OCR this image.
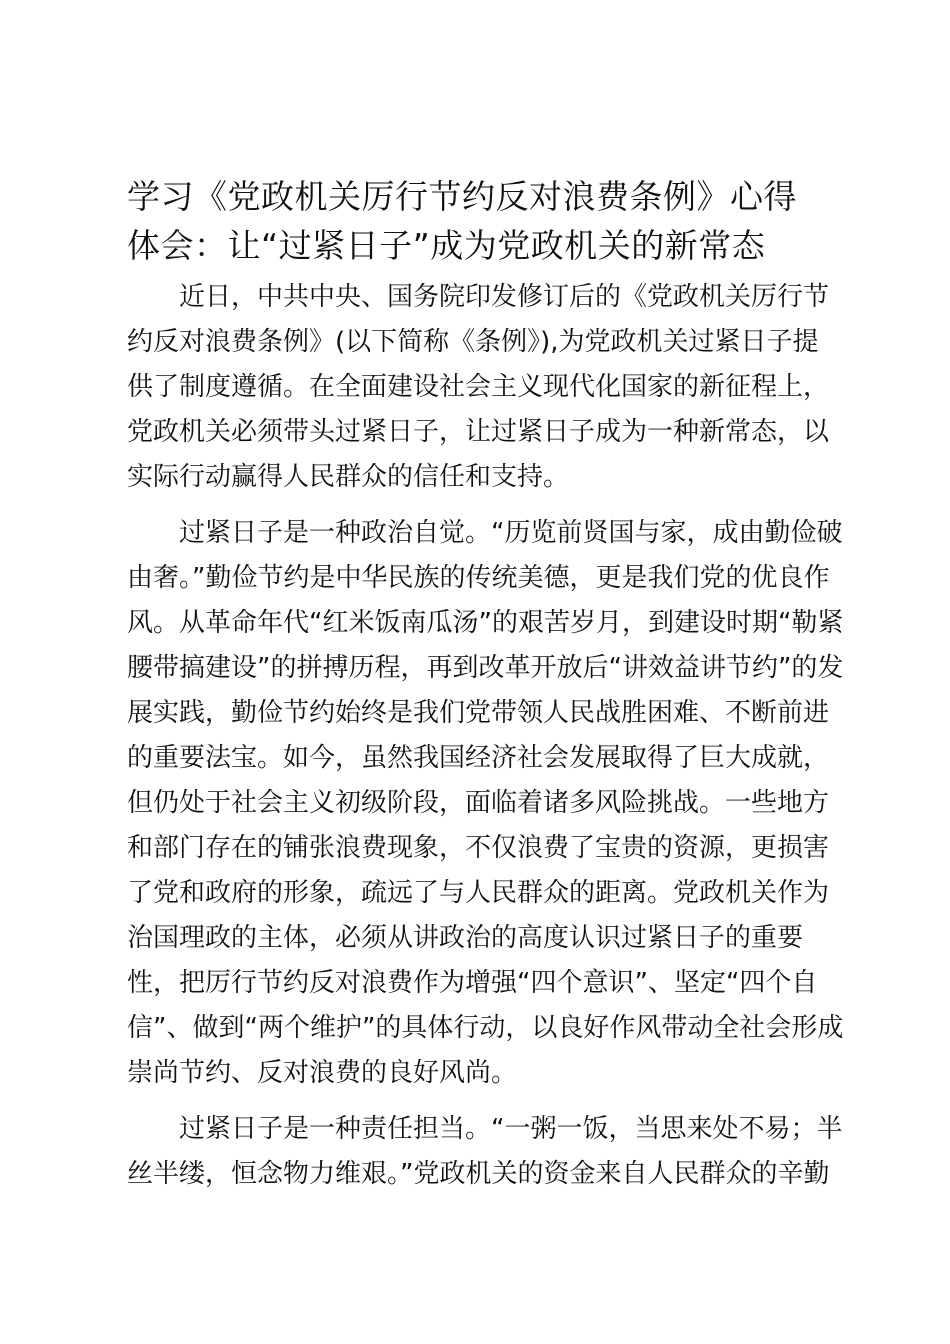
学习《党政机关厉行节约反对浪费条例》心得
体会：让“过紧日子”成为党政机关的新常态
近日，中共中央、国务院印发修订后的《党政机关厉行节
约反对浪费条例》(以下简称《条例》),为党政机关过紧日子提
供了制度遵循。在全面建设社会主义现代化国家的新征程上，
党政机关必须带头过紧日子，让过紧日子成为一种新常态，以
实际行动赢得人民群众的信任和支持。
过紧日子是一种政治自觉。“历览前贤国与家，成由勤俭破
由奢。”勤俭节约是中华民族的传统美德，更是我们党的优良作
风。从革命年代“红米饭南瓜汤”的艰苦岁月，到建设时期“勒紧
腰带搞建设”的拼搏历程，再到改革开放后“讲效益讲节约”的发
展实践，勤俭节约始终是我们党带领人民战胜困难、不断前进
的重要法宝。如今，虽然我国经济社会发展取得了巨大成就，
但仍处于社会主义初级阶段，面临着诸多风险挑战。一些地方
和部门存在的铺张浪费现象，不仅浪费了宝贵的资源，更损害
了党和政府的形象，疏远了与人民群众的距离。党政机关作为
治国理政的主体，必须从讲政治的高度认识过紧日子的重要
性，把厉行节约反对浪费作为增强“四个意识”、坚定“四个自
信”、做到“两个维护”的具体行动，以良好作风带动全社会形成
崇尚节约、反对浪费的良好风尚。
过紧日子是一种责任担当。“一粥一饭，当思来处不易；半
丝半缕，恒念物力维艰。”党政机关的资金来自人民群众的辛勤
